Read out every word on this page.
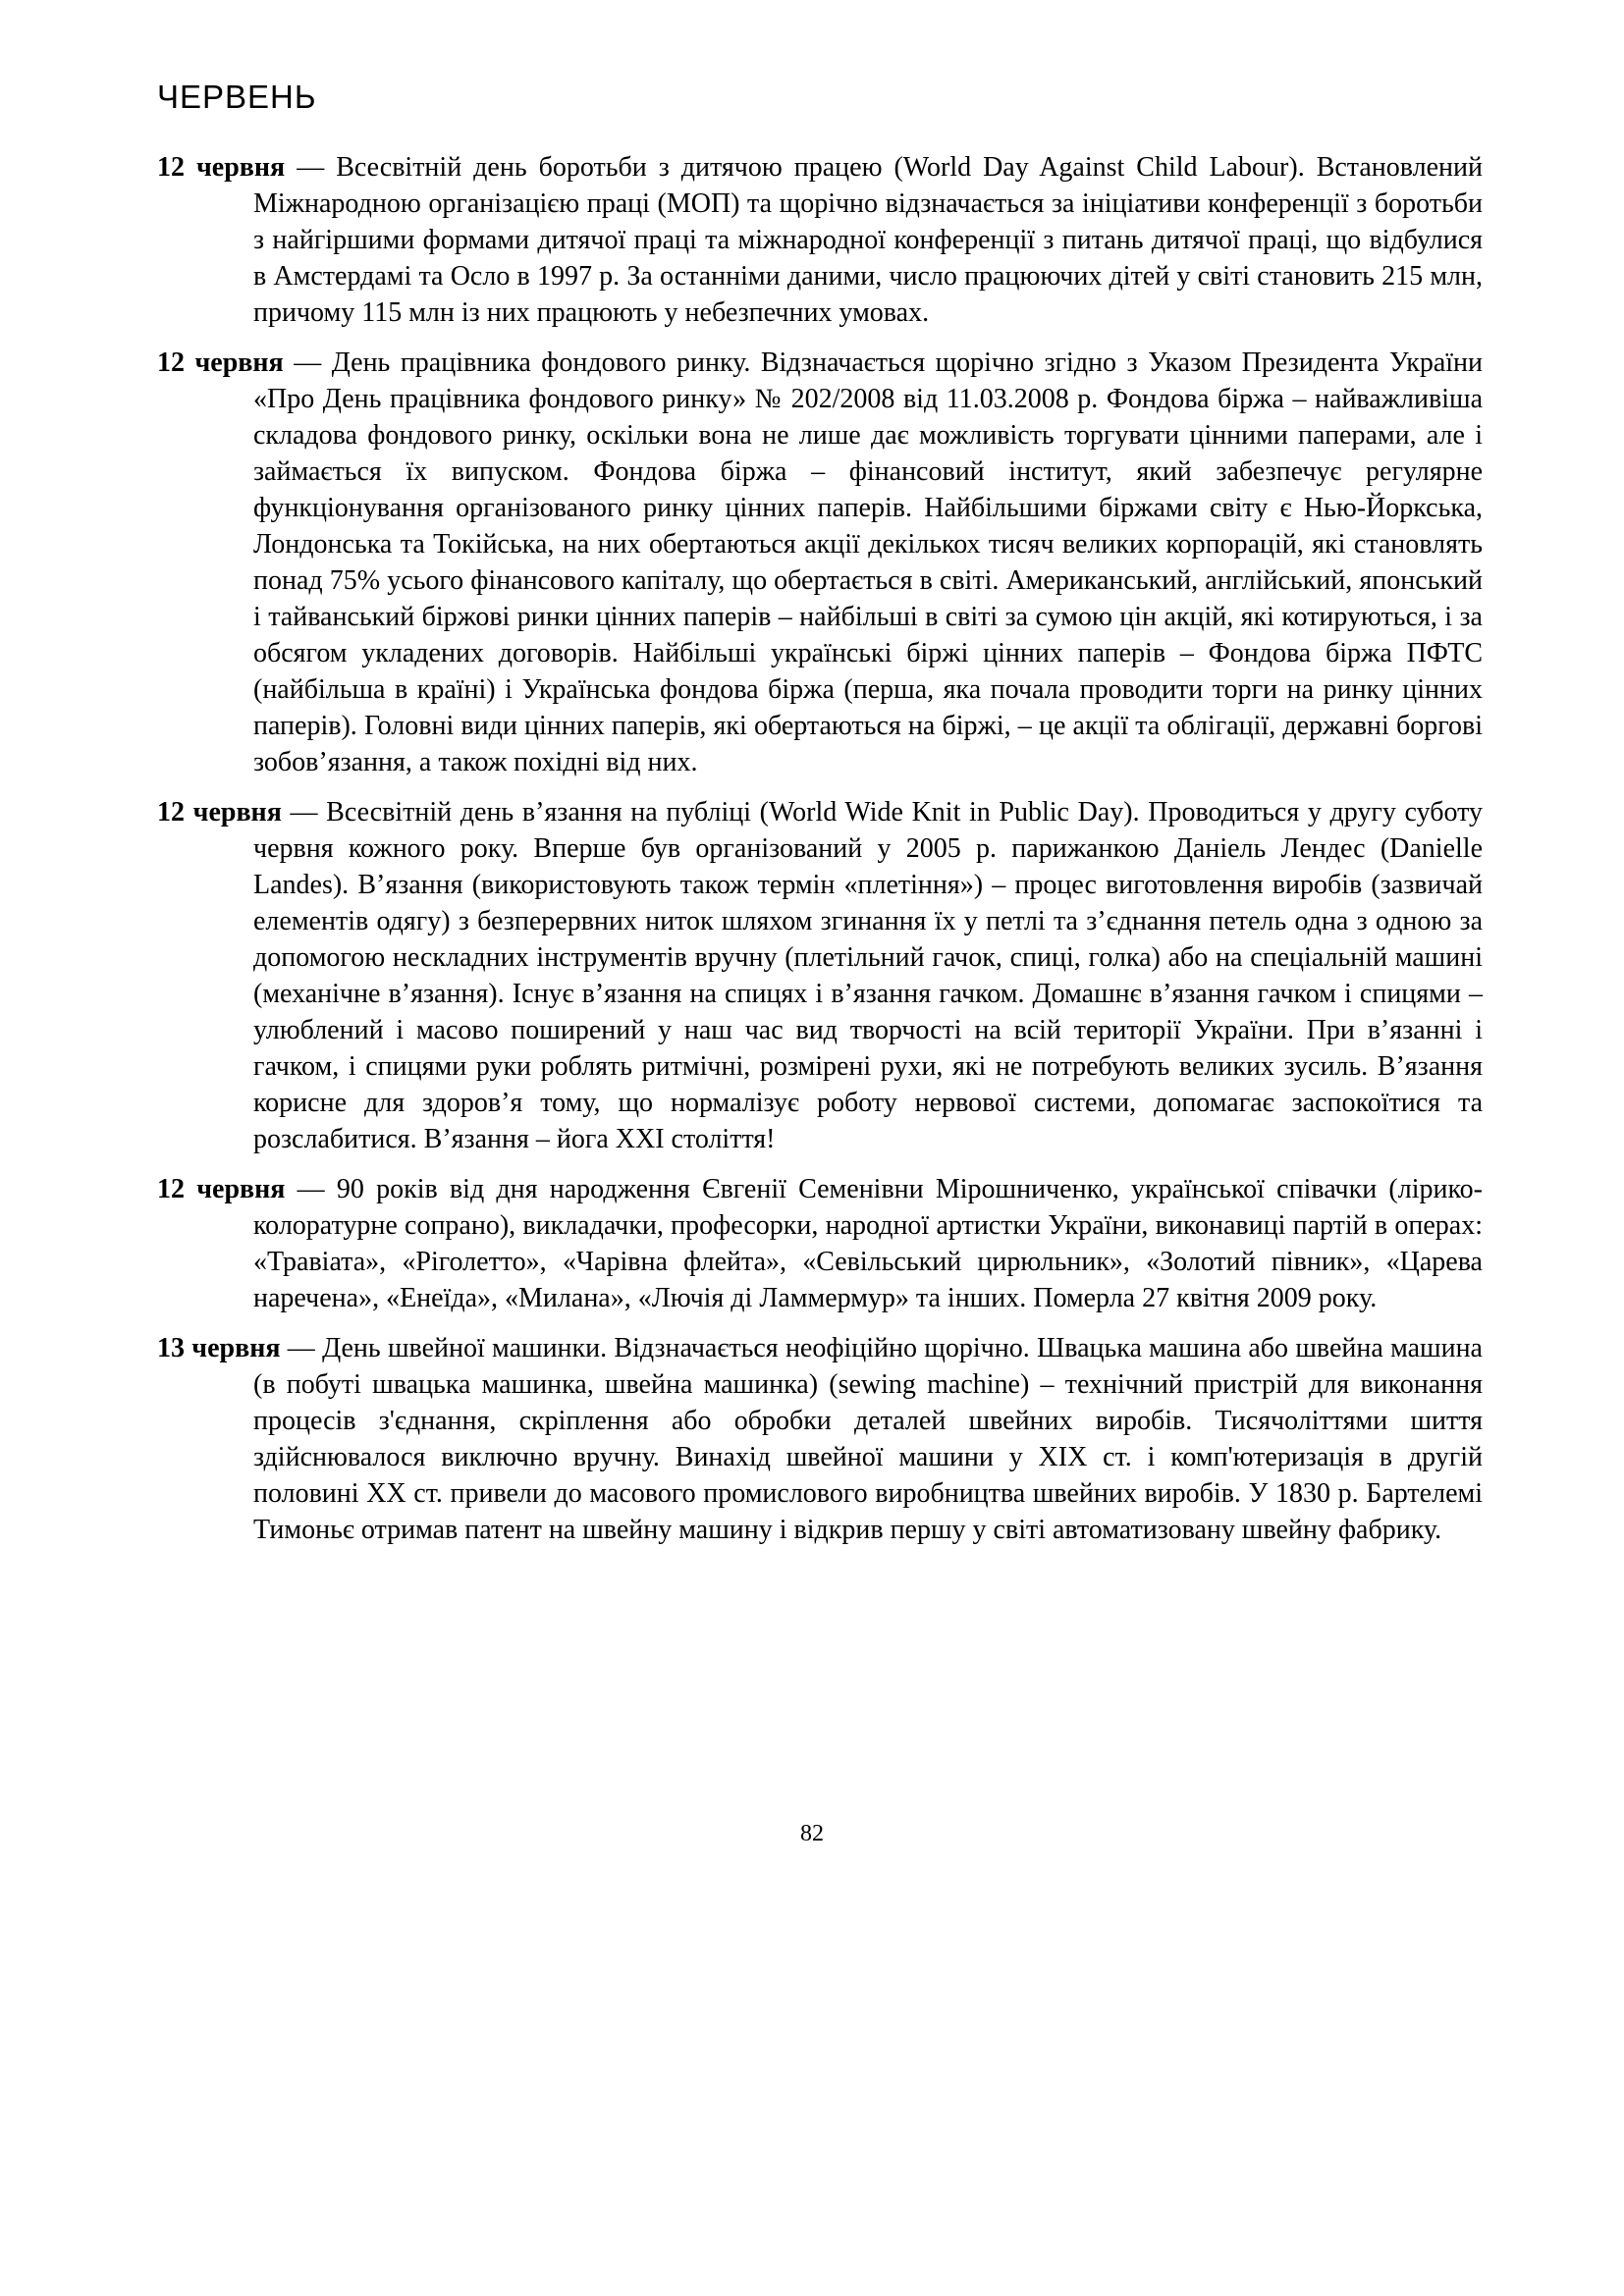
ЧЕРВЕНЬ

12 червня — Всесвітній день боротьби з дитячою працею (World Day Against Child Labour). Встановлений Міжнародною організацією праці (МОП) та щорічно відзначається за ініціативи конференції з боротьби з найгіршими формами дитячої праці та міжнародної конференції з питань дитячої праці, що відбулися в Амстердамі та Осло в 1997 р. За останніми даними, число працюючих дітей у світі становить 215 млн, причому 115 млн із них працюють у небезпечних умовах.

12 червня — День працівника фондового ринку. Відзначається щорічно згідно з Указом Президента України «Про День працівника фондового ринку» № 202/2008 від 11.03.2008 р. Фондова біржа – найважливіша складова фондового ринку, оскільки вона не лише дає можливість торгувати цінними паперами, але і займається їх випуском. Фондова біржа – фінансовий інститут, який забезпечує регулярне функціонування організованого ринку цінних паперів. Найбільшими біржами світу є Нью-Йоркська, Лондонська та Токійська, на них обертаються акції декількох тисяч великих корпорацій, які становлять понад 75% усього фінансового капіталу, що обертається в світі. Американський, англійський, японський і тайванський біржові ринки цінних паперів – найбільші в світі за сумою цін акцій, які котируються, і за обсягом укладених договорів. Найбільші українські біржі цінних паперів – Фондова біржа ПФТС (найбільша в країні) і Українська фондова біржа (перша, яка почала проводити торги на ринку цінних паперів). Головні види цінних паперів, які обертаються на біржі, – це акції та облігації, державні боргові зобов’язання, а також похідні від них.

12 червня — Всесвітній день в’язання на публіці (World Wide Knit in Public Day). Проводиться у другу суботу червня кожного року. Вперше був організований у 2005 р. парижанкою Даніель Лендес (Danielle Landes). В’язання (використовують також термін «плетіння») – процес виготовлення виробів (зазвичай елементів одягу) з безперервних ниток шляхом згинання їх у петлі та з’єднання петель одна з одною за допомогою нескладних інструментів вручну (плетільний гачок, спиці, голка) або на спеціальній машині (механічне в’язання). Існує в’язання на спицях і в’язання гачком. Домашнє в’язання гачком і спицями – улюблений і масово поширений у наш час вид творчості на всій території України. При в’язанні і гачком, і спицями руки роблять ритмічні, розмірені рухи, які не потребують великих зусиль. В’язання корисне для здоров’я тому, що нормалізує роботу нервової системи, допомагає заспокоїтися та розслабитися. В’язання – йога ХХІ століття!

12 червня — 90 років від дня народження Євгенії Семенівни Мірошниченко, української співачки (лірико-колоратурне сопрано), викладачки, професорки, народної артистки України, виконавиці партій в операх: «Травіата», «Ріголетто», «Чарівна флейта», «Севільський цирюльник», «Золотий півник», «Царева наречена», «Енеїда», «Милана», «Лючія ді Ламмермур» та інших. Померла 27 квітня 2009 року.

13 червня — День швейної машинки. Відзначається неофіційно щорічно. Швацька машина або швейна машина (в побуті швацька машинка, швейна машинка) (sewing machine) – технічний пристрій для виконання процесів з'єднання, скріплення або обробки деталей швейних виробів. Тисячоліттями шиття здійснювалося виключно вручну. Винахід швейної машини у XIX ст. і комп'ютеризація в другій половині XX ст. привели до масового промислового виробництва швейних виробів. У 1830 р. Бартелемі Тимоньє отримав патент на швейну машину і відкрив першу у світі автоматизовану швейну фабрику.

82
